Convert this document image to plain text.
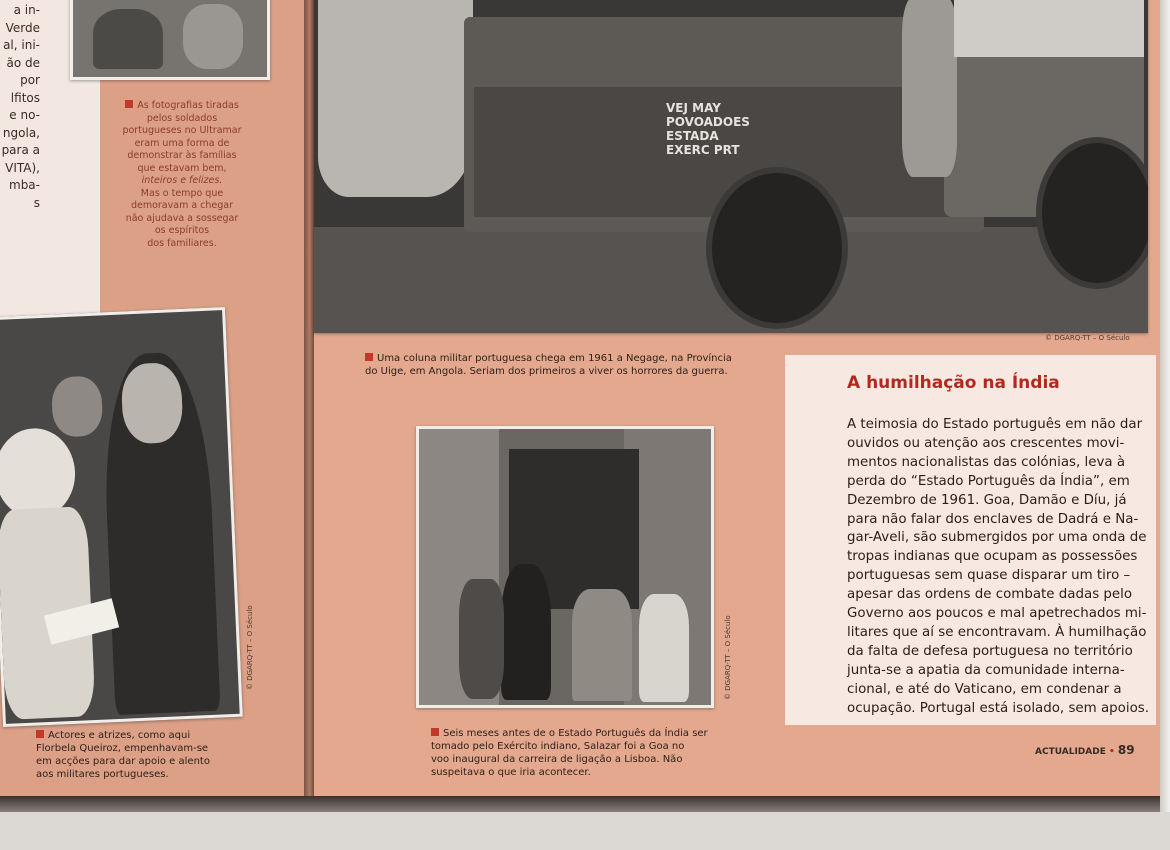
a in-
Verde
al, ini-
ão de
por
lfitos
e no-
ngola,
para a
VITA),
mba-
s
As fotografias tiradas
pelos soldados
portugueses no Ultramar
eram uma forma de
demonstrar às famílias
que estavam bem,
inteiros e felizes.
Mas o tempo que
demoravam a chegar
não ajudava a sossegar
os espíritos
dos familiares.
© DGARQ-TT – O Século
Actores e atrizes, como aqui
Florbela Queiroz, empenhavam-se
em acções para dar apoio e alento
aos militares portugueses.
VEJ MAY
POVOADOES
ESTADA
EXERC PRT
© DGARQ-TT – O Século
Uma coluna militar portuguesa chega em 1961 a Negage, na Província
do Uige, em Angola. Seriam dos primeiros a viver os horrores da guerra.
© DGARQ-TT – O Século
Seis meses antes de o Estado Português da Índia ser
tomado pelo Exército indiano, Salazar foi a Goa no
voo inaugural da carreira de ligação a Lisboa. Não
suspeitava o que iria acontecer.
A humilhação na Índia
A teimosia do Estado português em não dar
ouvidos ou atenção aos crescentes movi-
mentos nacionalistas das colónias, leva à
perda do “Estado Português da Índia”, em
Dezembro de 1961. Goa, Damão e Díu, já
para não falar dos enclaves de Dadrá e Na-
gar-Aveli, são submergidos por uma onda de
tropas indianas que ocupam as possessões
portuguesas sem quase disparar um tiro –
apesar das ordens de combate dadas pelo
Governo aos poucos e mal apetrechados mi-
litares que aí se encontravam. À humilhação
da falta de defesa portuguesa no território
junta-se a apatia da comunidade interna-
cional, e até do Vaticano, em condenar a
ocupação. Portugal está isolado, sem apoios.
ACTUALIDADE • 89
